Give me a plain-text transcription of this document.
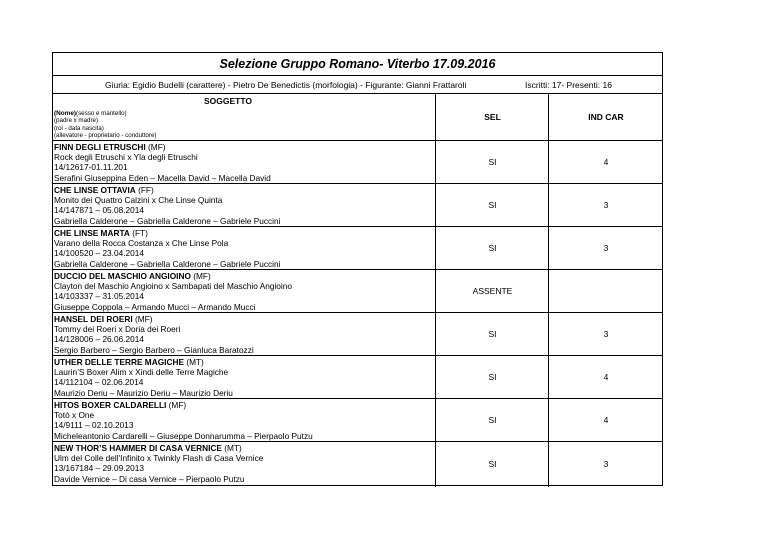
Selezione Gruppo Romano- Viterbo 17.09.2016
Giuria: Egidio Budelli (carattere) - Pietro De Benedictis (morfologia) - Figurante: Gianni Frattaroli	Iscritti: 17- Presenti: 16
SOGGETTO
(Nome)(sesso e mantello)
(padre x madre)
(roi - data nascita)
(allevatore - proprietario - conduttore)
SEL	IND CAR
FINN DEGLI ETRUSCHI (MF)
Rock degli Etruschi x Yla degli Etruschi
14/12617-01.11.201
Serafini Giuseppina Eden – Macella David – Macella David
SI	4
CHE LINSE OTTAVIA (FF)
Monito dei Quattro Calzini x Che Linse Quinta
14/147871 – 05.08.2014
Gabriella Calderone – Gabriella Calderone – Gabriele Puccini
SI	3
CHE LINSE MARTA (FT)
Varano della Rocca Costanza x Che Linse Pola
14/100520 – 23.04.2014
Gabriella Calderone – Gabriella Calderone – Gabriele Puccini
SI	3
DUCCIO DEL MASCHIO ANGIOINO (MF)
Clayton del Maschio Angioino x Sambapati del Maschio Angioino
14/103337 – 31.05.2014
Giuseppe Coppola – Armando Mucci – Armando Mucci
ASSENTE
HANSEL DEI ROERI (MF)
Tommy dei Roeri x Doria dei Roeri
14/128006 – 26.06.2014
Sergio Barbero – Sergio Barbero – Gianluca Baratozzi
SI	3
UTHER DELLE TERRE MAGICHE (MT)
Laurin’S Boxer Alim x Xindi delle Terre Magiche
14/112104 – 02.06.2014
Maurizio Deriu – Maurizio Deriu – Maurizio Deriu
SI	4
HITOS BOXER CALDARELLI (MF)
Totò x One
14/9111 – 02.10.2013
Micheleantonio Cardarelli – Giuseppe Donnarumma – Pierpaolo Putzu
SI	4
NEW THOR’S HAMMER DI CASA VERNICE (MT)
Ulm del Colle dell'Infinito x Twinkly Flash di Casa Vernice
13/167184 – 29.09.2013
Davide Vernice – Di casa Vernice – Pierpaolo Putzu
SI	3
